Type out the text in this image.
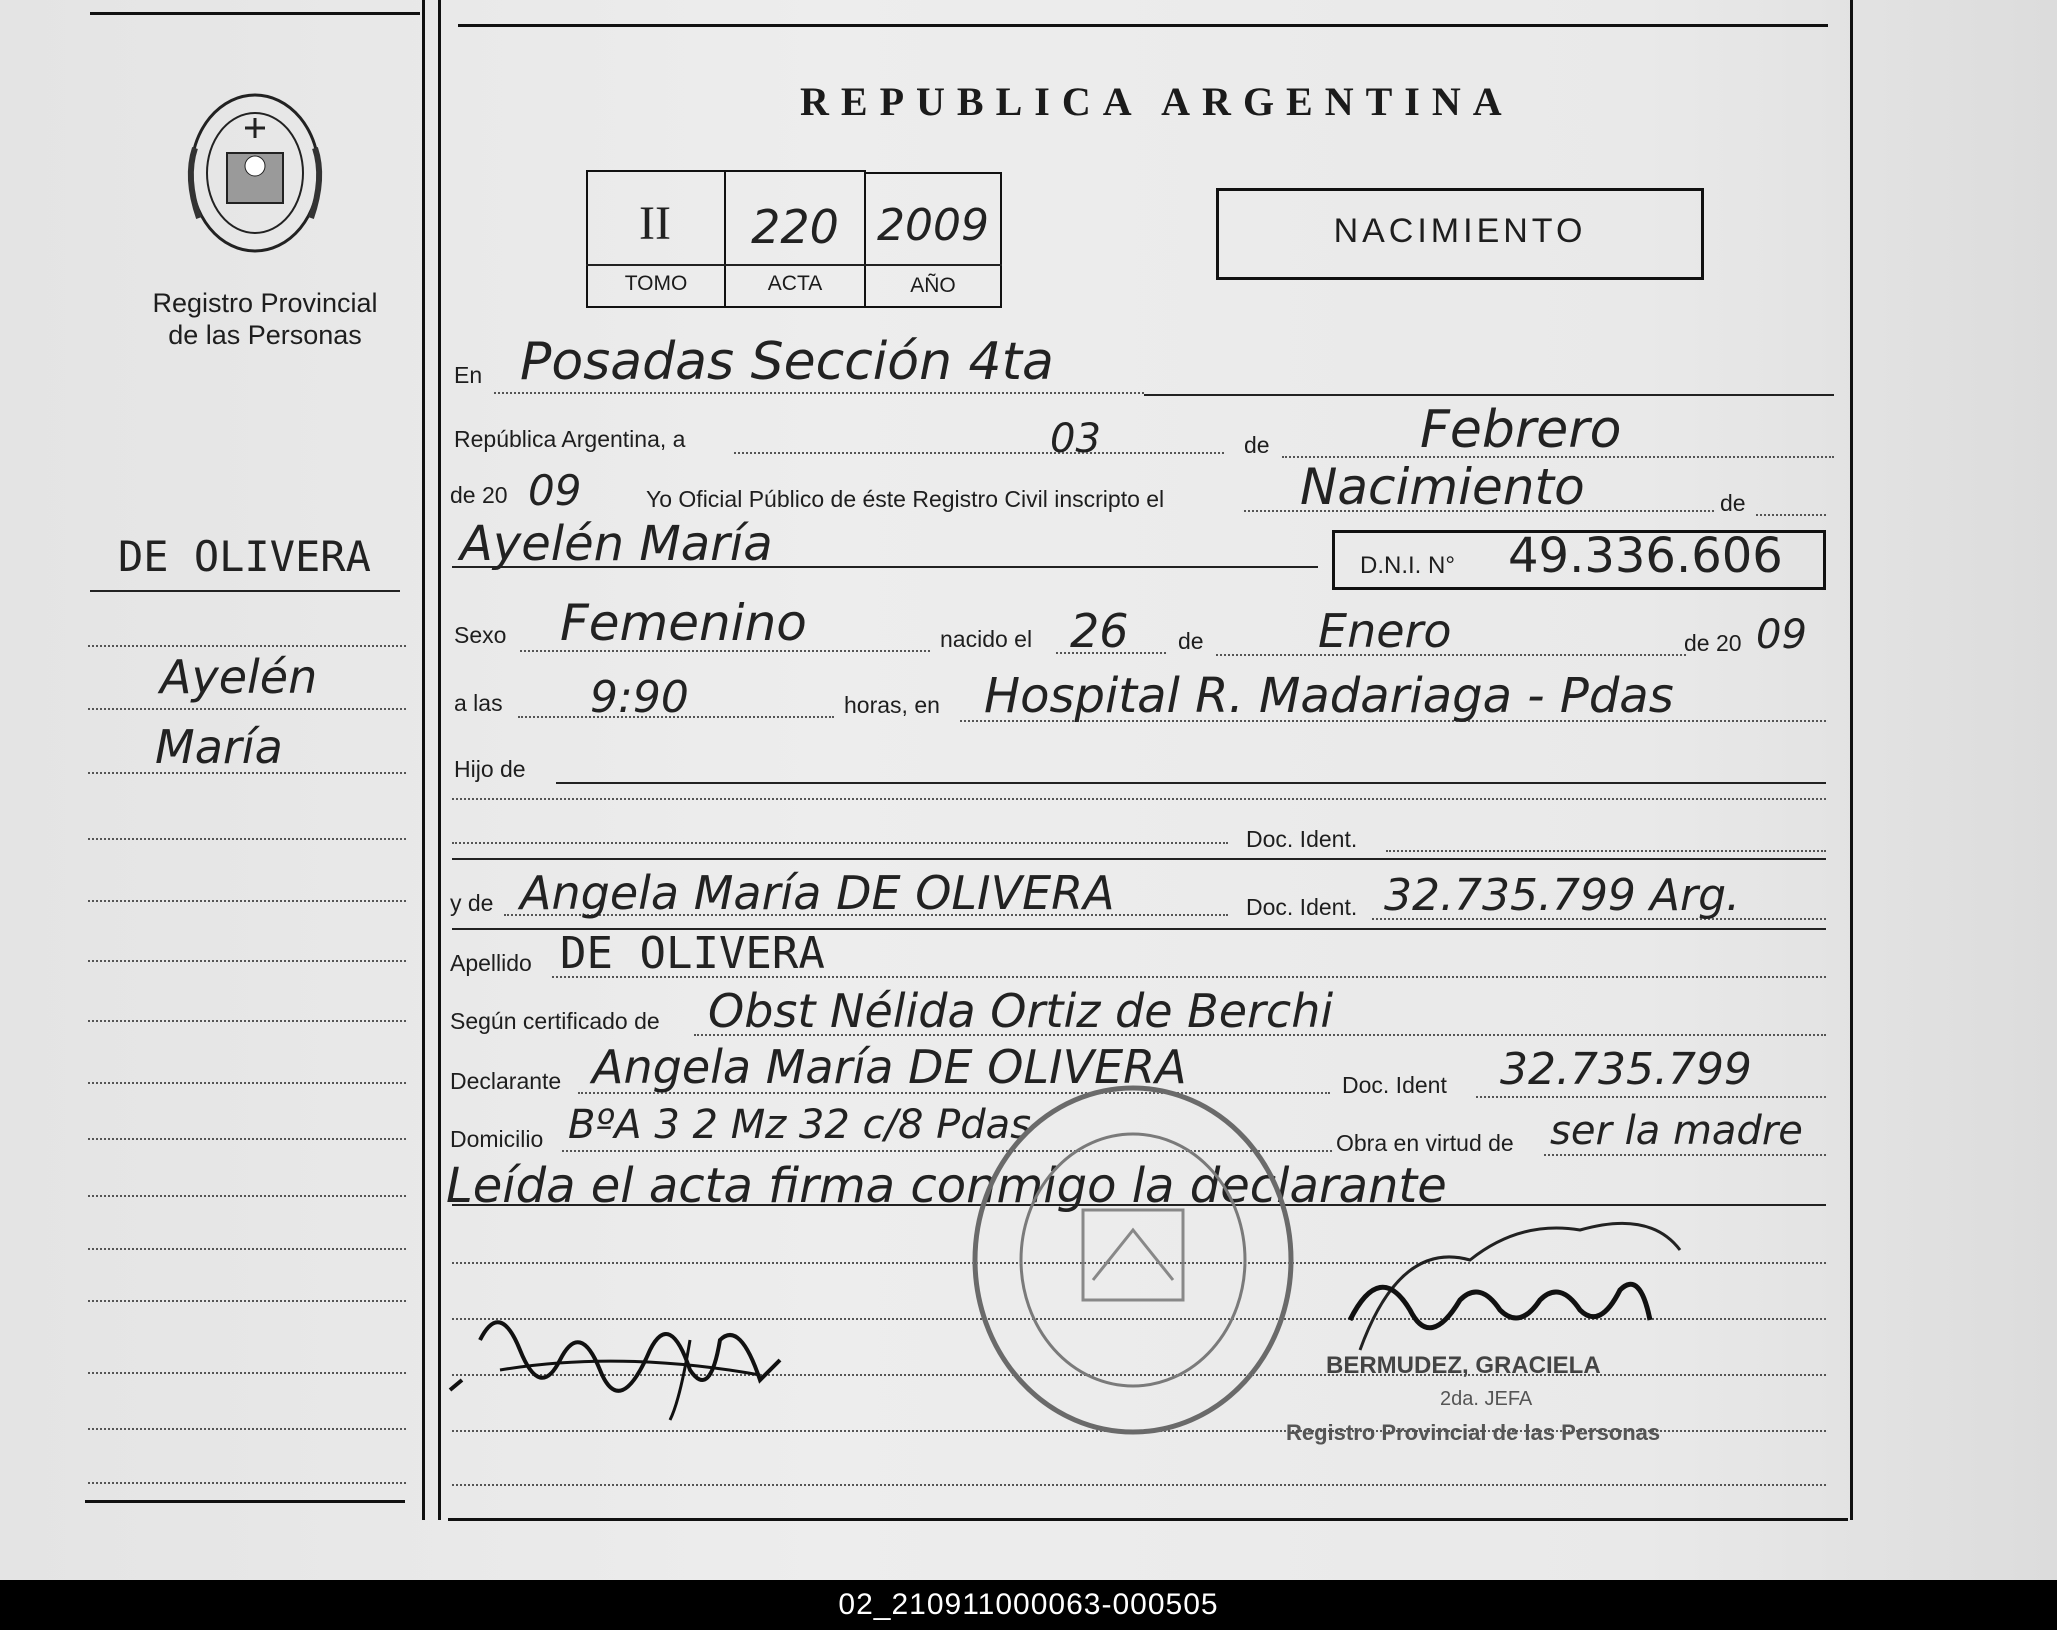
Registro Provincial
de las Personas
DE OLIVERA
Ayelén
María
REPUBLICA ARGENTINA
II	220 2009
TOMO	ACTA	AÑO
NACIMIENTO
En Posadas Sección 4ta
República Argentina, a	03	de	Febrero
de 20 09	Yo Oficial Público de éste Registro Civil inscripto el	Nacimiento	de
Ayelén María	D.N.I. N° 49.336.606
Sexo Femenino	nacido el 26 de Enero	de 20 09
a las 9:90	horas, en Hospital R. Madariaga - Pdas
Hijo de
Doc. Ident.
y de Angela María DE OLIVERA	Doc. Ident. 32.735.799 Arg.
Apellido DE OLIVERA
Según certificado de Obst Nélida Ortiz de Berchi
Declarante Angela María DE OLIVERA	Doc. Ident 32.735.799
Domicilio BºA 3 2 Mz 32 c/8 Pdas	Obra en virtud de ser la madre
Leída el acta firma conmigo la declarante
BERMUDEZ, GRACIELA
2da. JEFA
Registro Provincial de las Personas
02_210911000063-000505
